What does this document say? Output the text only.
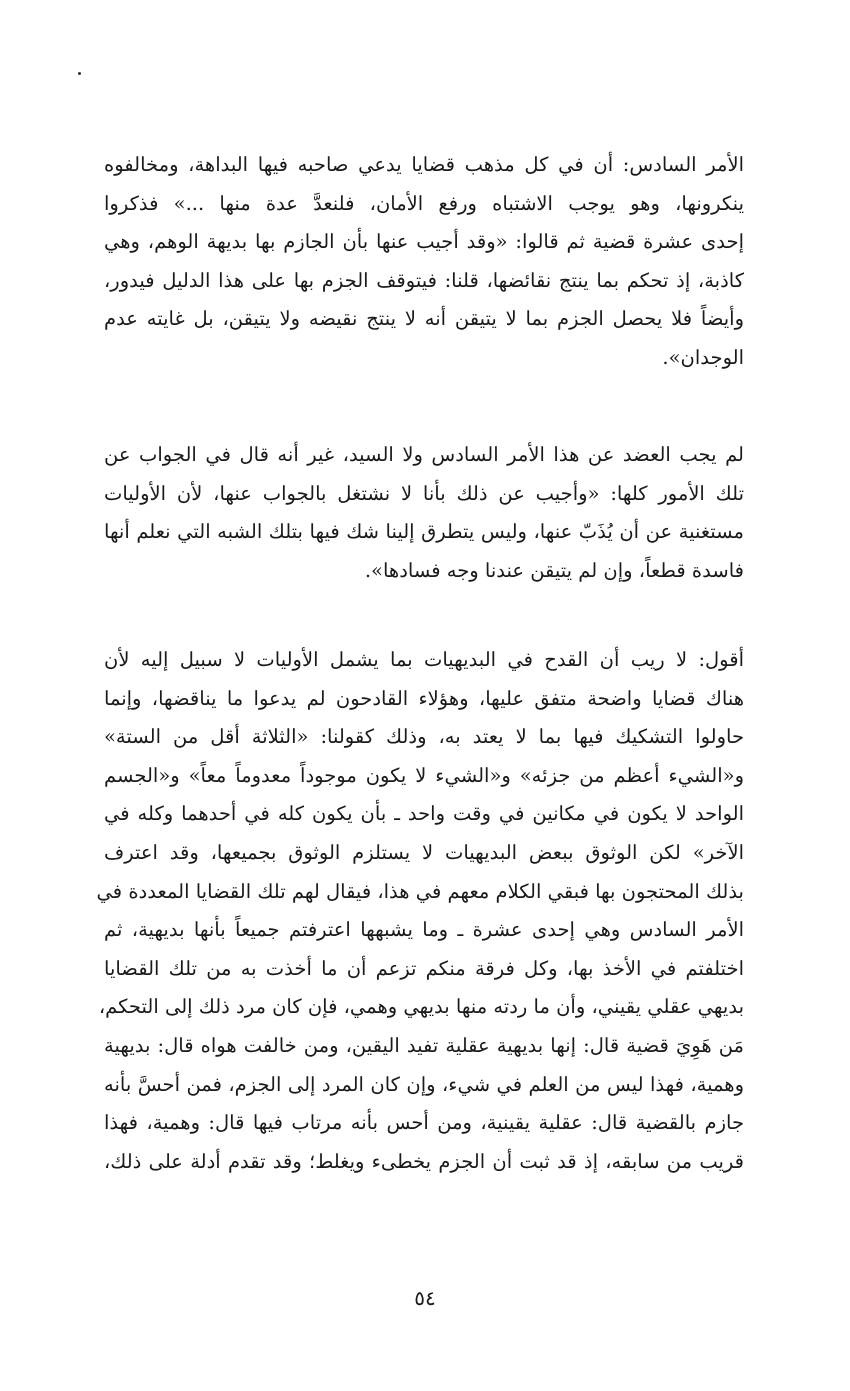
الأمر السادس: أن في كل مذهب قضايا يدعي صاحبه فيها البداهة، ومخالفوه
ينكرونها، وهو يوجب الاشتباه ورفع الأمان، فلنعدَّ عدة منها ...» فذكروا
إحدى عشرة قضية ثم قالوا: «وقد أجيب عنها بأن الجازم بها بديهة الوهم، وهي
كاذبة، إذ تحكم بما ينتج نقائضها، قلنا: فيتوقف الجزم بها على هذا الدليل فيدور،
وأيضاً فلا يحصل الجزم بما لا يتيقن أنه لا ينتج نقيضه ولا يتيقن، بل غايته عدم
الوجدان».
لم يجب العضد عن هذا الأمر السادس ولا السيد، غير أنه قال في الجواب عن
تلك الأمور كلها: «وأجيب عن ذلك بأنا لا نشتغل بالجواب عنها، لأن الأوليات
مستغنية عن أن يُذَبّ عنها، وليس يتطرق إلينا شك فيها بتلك الشبه التي نعلم أنها
فاسدة قطعاً، وإن لم يتيقن عندنا وجه فسادها».
أقول: لا ريب أن القدح في البديهيات بما يشمل الأوليات لا سبيل إليه لأن
هناك قضايا واضحة متفق عليها، وهؤلاء القادحون لم يدعوا ما يناقضها، وإنما
حاولوا التشكيك فيها بما لا يعتد به، وذلك كقولنا: «الثلاثة أقل من الستة»
و«الشيء أعظم من جزئه» و«الشيء لا يكون موجوداً معدوماً معاً» و«الجسم
الواحد لا يكون في مكانين في وقت واحد ـ بأن يكون كله في أحدهما وكله في
الآخر» لكن الوثوق ببعض البديهيات لا يستلزم الوثوق بجميعها، وقد اعترف
بذلك المحتجون بها فبقي الكلام معهم في هذا، فيقال لهم تلك القضايا المعددة في
الأمر السادس وهي إحدى عشرة ـ وما يشبهها اعترفتم جميعاً بأنها بديهية، ثم
اختلفتم في الأخذ بها، وكل فرقة منكم تزعم أن ما أخذت به من تلك القضايا
بديهي عقلي يقيني، وأن ما ردته منها بديهي وهمي، فإن كان مرد ذلك إلى التحكم،
مَن هَوِيَ قضية قال: إنها بديهية عقلية تفيد اليقين، ومن خالفت هواه قال: بديهية
وهمية، فهذا ليس من العلم في شيء، وإن كان المرد إلى الجزم، فمن أحسَّ بأنه
جازم بالقضية قال: عقلية يقينية، ومن أحس بأنه مرتاب فيها قال: وهمية، فهذا
قريب من سابقه، إذ قد ثبت أن الجزم يخطىء ويغلط؛ وقد تقدم أدلة على ذلك،
٥٤
